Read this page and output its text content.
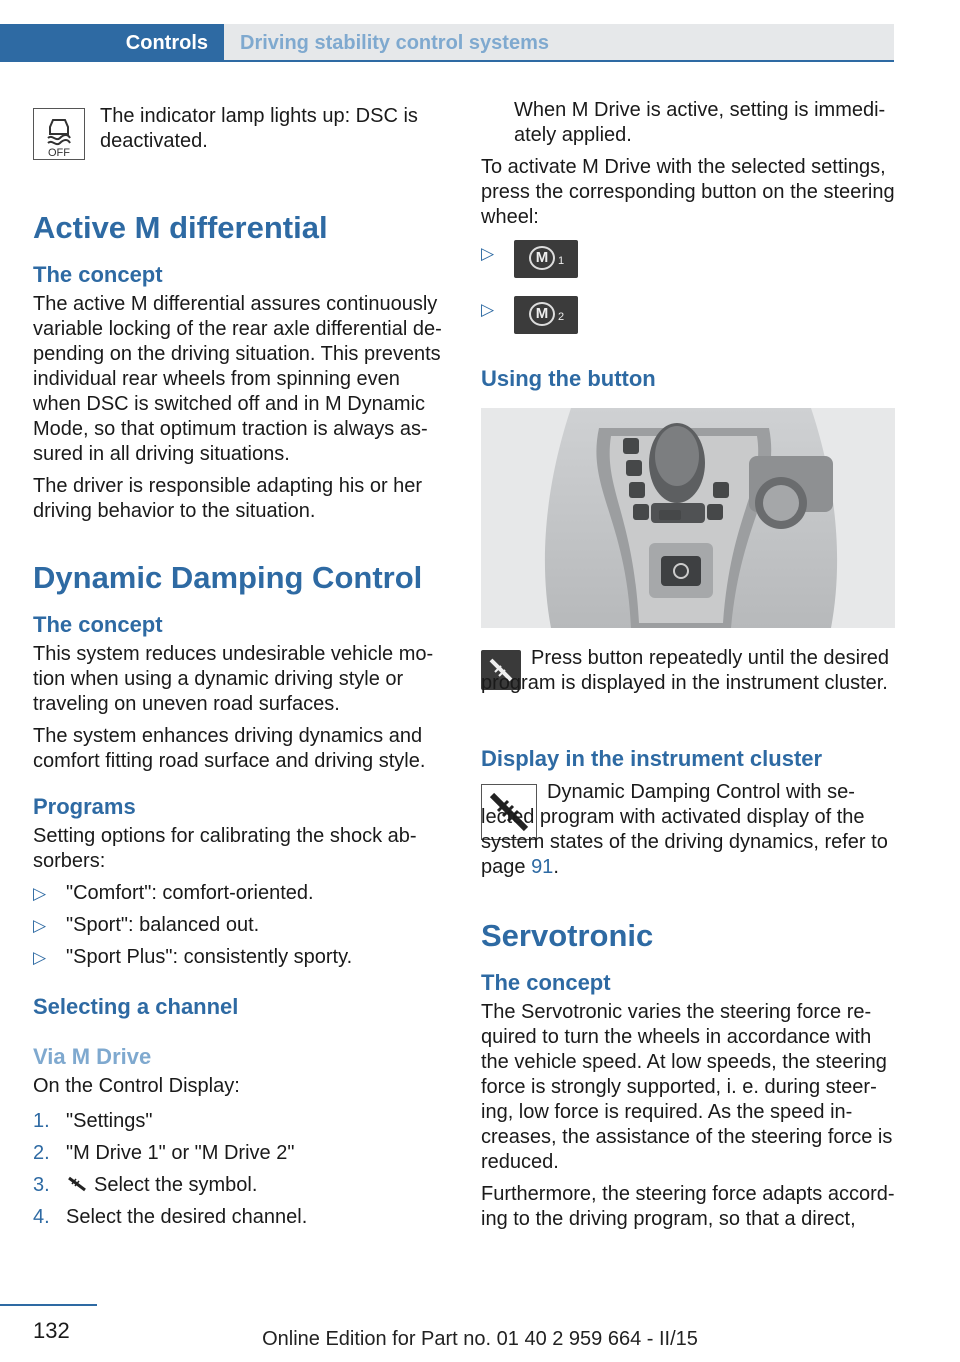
Controls	Driving stability control systems
OFF

The indicator lamp lights up: DSC is deactivated.

Active M differential
The concept

The active M differential assures continuously variable locking of the rear axle differential depending on the driving situation. This prevents individual rear wheels from spinning even when DSC is switched off and in M Dynamic Mode, so that optimum traction is always assured in all driving situations.

The driver is responsible adapting his or her driving behavior to the situation.

Dynamic Damping Control
The concept

This system reduces undesirable vehicle motion when using a dynamic driving style or traveling on uneven road surfaces.

The system enhances driving dynamics and comfort fitting road surface and driving style.

Programs

Setting options for calibrating the shock absorbers:

▷ "Comfort": comfort-oriented.
▷ "Sport": balanced out.
▷ "Sport Plus": consistently sporty.
Selecting a channel
Via M Drive

On the Control Display:

1. "Settings"
2. "M Drive 1" or "M Drive 2"
3. Select the symbol.
4. Select the desired channel.

When M Drive is active, setting is immediately applied.

To activate M Drive with the selected settings, press the corresponding button on the steering wheel:

▷	M 1
▷	M 2
Using the button

Press button repeatedly until the desired program is displayed in the instrument cluster.

Display in the instrument cluster

Dynamic Damping Control with selected program with activated display of the system states of the driving dynamics, refer to page 91.

Servotronic
The concept

The Servotronic varies the steering force required to turn the wheels in accordance with the vehicle speed. At low speeds, the steering force is strongly supported, i. e. during steering, low force is required. As the speed increases, the assistance of the steering force is reduced.

Furthermore, the steering force adapts according to the driving program, so that a direct,

132	Online Edition for Part no. 01 40 2 959 664 - II/15
